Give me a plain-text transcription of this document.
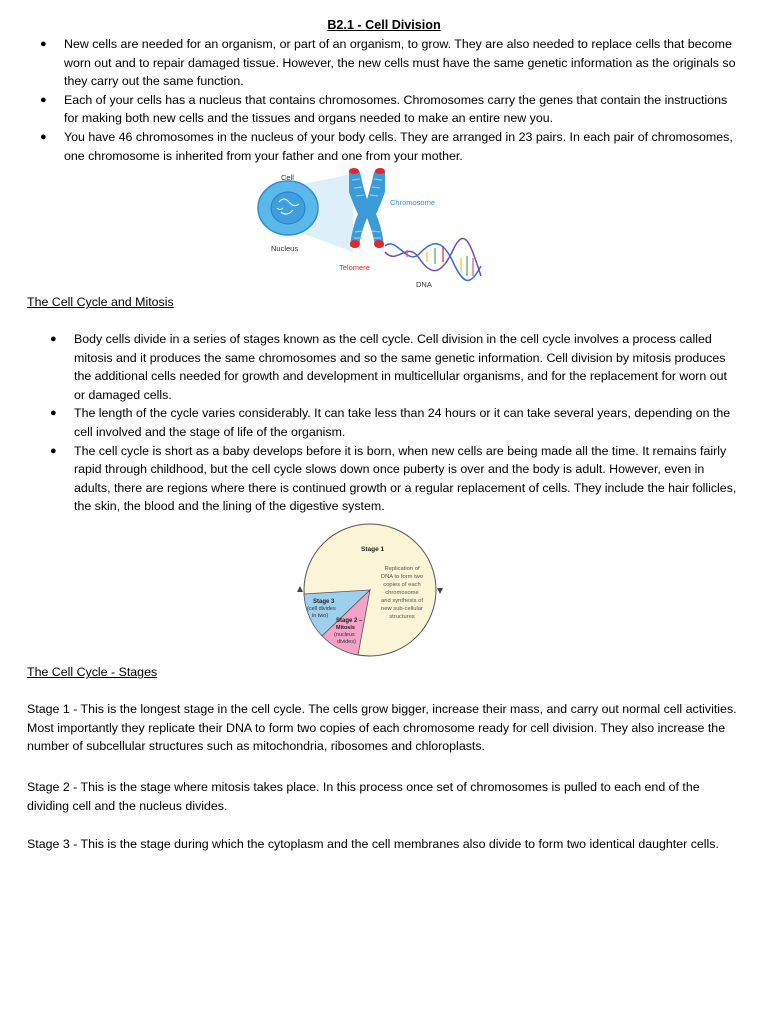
B2.1 - Cell Division
● New cells are needed for an organism, or part of an organism, to grow. They are also needed to replace cells that become worn out and to repair damaged tissue. However, the new cells must have the same genetic information as the originals so they carry out the same function.
● Each of your cells has a nucleus that contains chromosomes. Chromosomes carry the genes that contain the instructions for making both new cells and the tissues and organs needed to make an entire new you.
● You have 46 chromosomes in the nucleus of your body cells. They are arranged in 23 pairs. In each pair of chromosomes, one chromosome is inherited from your father and one from your mother.
Cell
Nucleus
Chromosome
Telomere
DNA
The Cell Cycle and Mitosis
● Body cells divide in a series of stages known as the cell cycle. Cell division in the cell cycle involves a process called mitosis and it produces the same chromosomes and so the same genetic information. Cell division by mitosis produces the additional cells needed for growth and development in multicellular organisms, and for the replacement for worn out or damaged cells.
● The length of the cycle varies considerably. It can take less than 24 hours or it can take several years, depending on the cell involved and the stage of life of the organism.
● The cell cycle is short as a baby develops before it is born, when new cells are being made all the time. It remains fairly rapid through childhood, but the cell cycle slows down once puberty is over and the body is adult. However, even in adults, there are regions where there is continued growth or a regular replacement of cells. They include the hair follicles, the skin, the blood and the lining of the digestive system.
Stage 1
Replication of
DNA to form two
copies of each
chromosome
and synthesis of
new sub-cellular
structures
Stage 3
(cell divides
in two)
Stage 2 –
Mitosis
(nucleus
divides)
The Cell Cycle - Stages

Stage 1 - This is the longest stage in the cell cycle. The cells grow bigger, increase their mass, and carry out normal cell activities. Most importantly they replicate their DNA to form two copies of each chromosome ready for cell division. They also increase the number of subcellular structures such as mitochondria, ribosomes and chloroplasts.

Stage 2 - This is the stage where mitosis takes place. In this process once set of chromosomes is pulled to each end of the dividing cell and the nucleus divides.

Stage 3 - This is the stage during which the cytoplasm and the cell membranes also divide to form two identical daughter cells.
